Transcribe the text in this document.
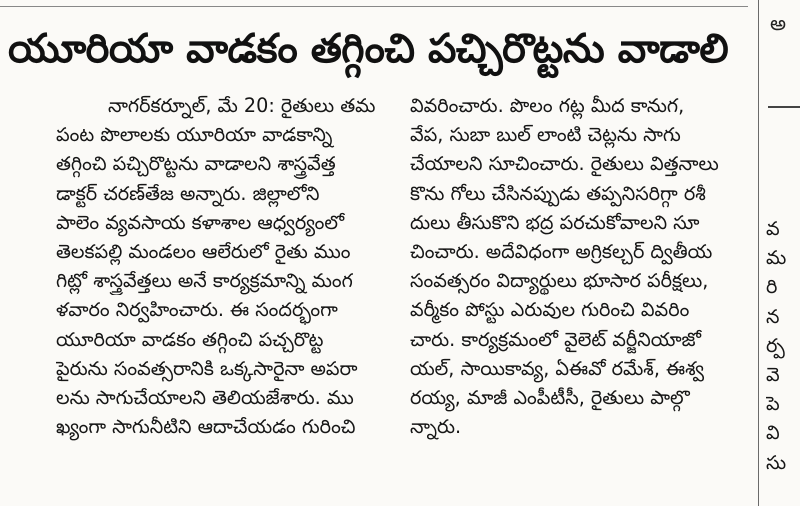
యూరియా వాడకం తగ్గించి పచ్చిరొట్టను వాడాలి
నాగర్‌కర్నూల్, మే 20: రైతులు తమ
పంట పొలాలకు యూరియా వాడకాన్ని
తగ్గించి పచ్చిరొట్టను వాడాలని శాస్త్రవేత్త
డాక్టర్ చరణ్‌తేజ అన్నారు. జిల్లాలోని
పాలెం వ్యవసాయ కళాశాల ఆధ్వర్యంలో
తెలకపల్లి మండలం ఆలేరులో రైతు ముం
గిట్లో శాస్త్రవేత్తలు అనే కార్యక్రమాన్ని మంగ
ళవారం నిర్వహించారు. ఈ సందర్భంగా
యూరియా వాడకం తగ్గించి పచ్చరొట్ట
పైరును సంవత్సరానికి ఒక్కసారైనా అపరా
లను సాగుచేయాలని తెలియజేశారు. ము
ఖ్యంగా సాగునీటిని ఆదాచేయడం గురించి
వివరించారు. పొలం గట్ల మీద కానుగ,
వేప, సుబా బుల్ లాంటి చెట్లను సాగు
చేయాలని సూచించారు. రైతులు విత్తనాలు
కొను గోలు చేసినప్పుడు తప్పనిసరిగ్గా రశీ
దులు తీసుకొని భద్ర పరచుకోవాలని సూ
చించారు. అదేవిధంగా అగ్రికల్చర్ ద్వితీయ
సంవత్సరం విద్యార్థులు భూసార పరీక్షలు,
వర్మీకం పోస్టు ఎరువుల గురించి వివరిం
చారు. కార్యక్రమంలో వైలెట్ వర్జీనియాజో
యల్, సాయికావ్య, ఏఈవో రమేశ్, ఈశ్వ
రయ్య, మాజీ ఎంపీటీసీ, రైతులు పాల్గొ
న్నారు.
అ
వ
మ
రి
న
ర్ప
వె
పె
వి
సు
